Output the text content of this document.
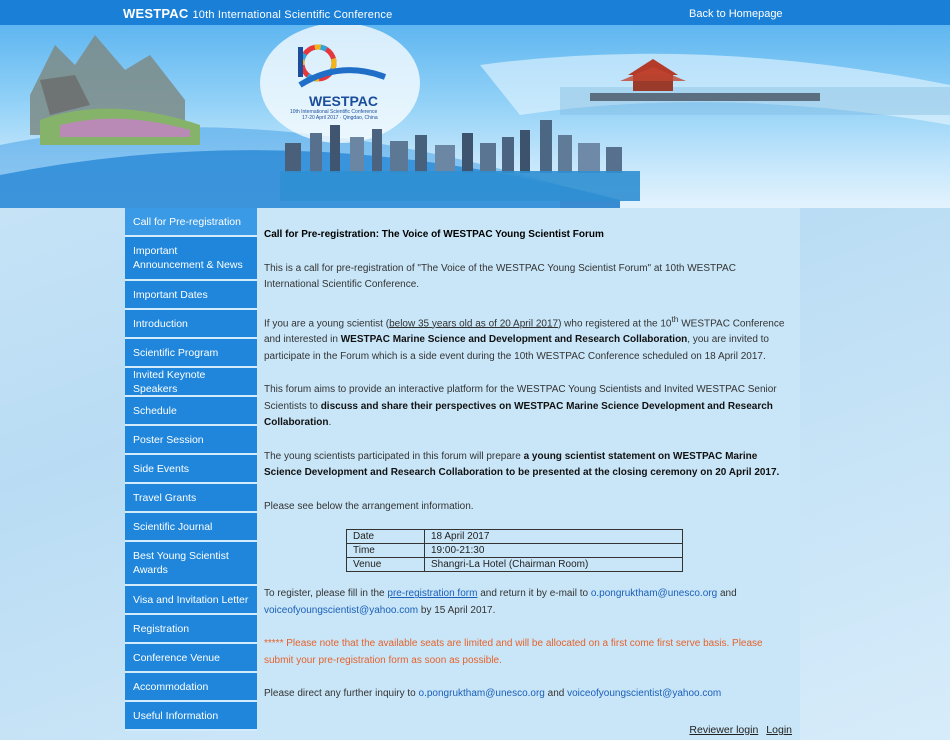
WESTPAC 10th International Scientific Conference	Back to Homepage
WESTPAC
10th International Scientific Conference
17-20 April 2017 · Qingdao, China
Call for Pre-registration
Important Announcement & News
Important Dates
Introduction
Scientific Program
Invited Keynote Speakers
Schedule
Poster Session
Side Events
Travel Grants
Scientific Journal
Best Young Scientist Awards
Visa and Invitation Letter
Registration
Conference Venue
Accommodation
Useful Information
Call for Pre-registration: The Voice of WESTPAC Young Scientist Forum

This is a call for pre-registration of "The Voice of the WESTPAC Young Scientist Forum" at 10th WESTPAC International Scientific Conference.

If you are a young scientist (below 35 years old as of 20 April 2017) who registered at the 10th WESTPAC Conference and interested in WESTPAC Marine Science and Development and Research Collaboration, you are invited to participate in the Forum which is a side event during the 10th WESTPAC Conference scheduled on 18 April 2017.

This forum aims to provide an interactive platform for the WESTPAC Young Scientists and Invited WESTPAC Senior Scientists to discuss and share their perspectives on WESTPAC Marine Science Development and Research Collaboration.

The young scientists participated in this forum will prepare a young scientist statement on WESTPAC Marine Science Development and Research Collaboration to be presented at the closing ceremony on 20 April 2017.

Please see below the arrangement information.

Date	18 April 2017
Time	19:00-21:30
Venue	Shangri-La Hotel (Chairman Room)

To register, please fill in the pre-registration form and return it by e-mail to o.pongruktham@unesco.org and voiceofyoungscientist@yahoo.com by 15 April 2017.

***** Please note that the available seats are limited and will be allocated on a first come first serve basis. Please submit your pre-registration form as soon as possible.

Please direct any further inquiry to o.pongruktham@unesco.org and voiceofyoungscientist@yahoo.com

Reviewer login Login
